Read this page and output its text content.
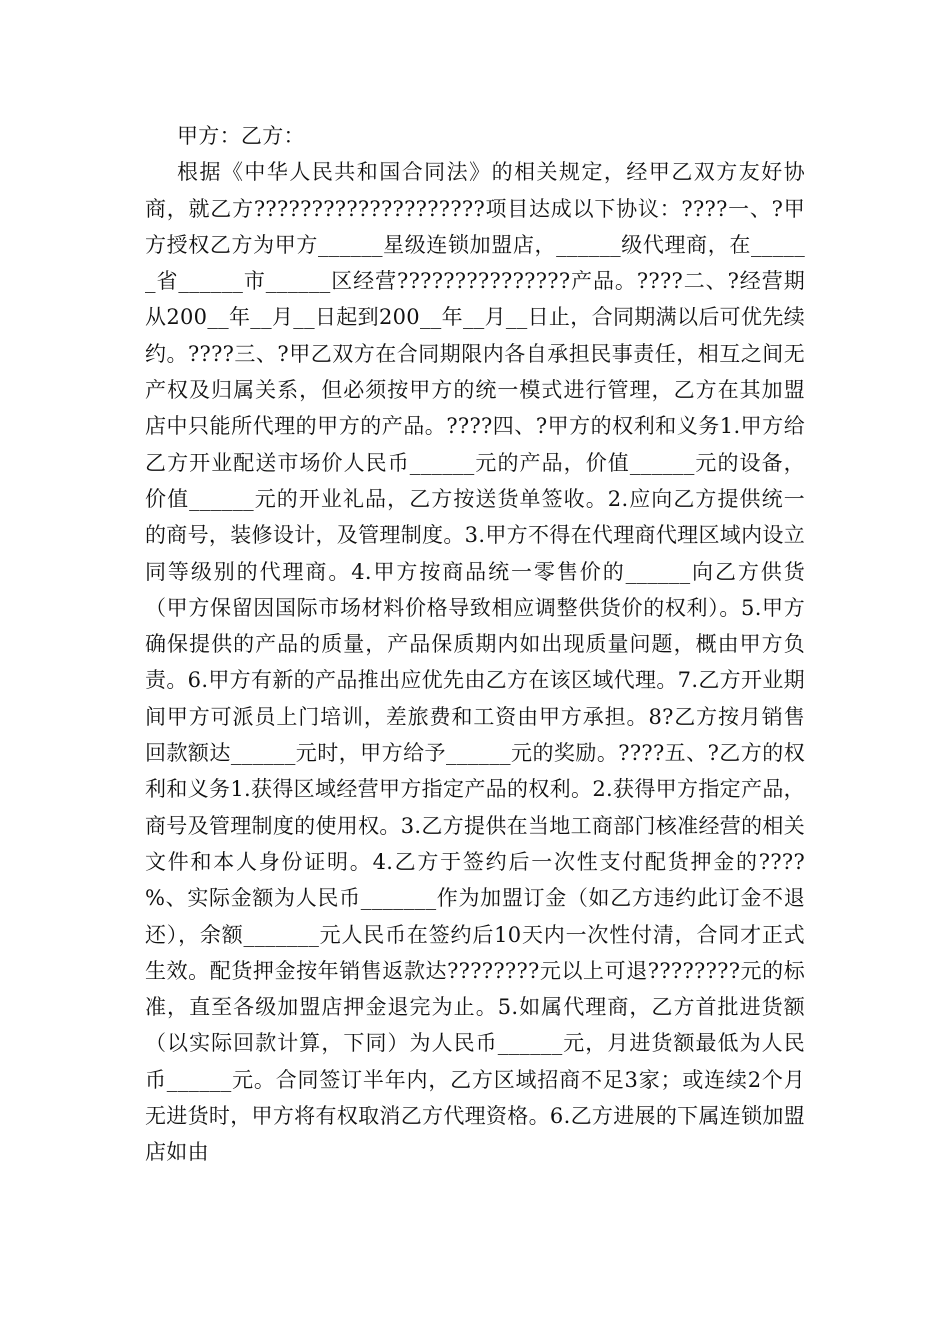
甲方：乙方：

根据《中华人民共和国合同法》的相关规定，经甲乙双方友好协商，就乙方????????????????????项目达成以下协议：????一、?甲方授权乙方为甲方______星级连锁加盟店，______级代理商，在______省______市______区经营???????????????产品。????二、?经营期从200__年__月__日起到200__年__月__日止，合同期满以后可优先续约。????三、?甲乙双方在合同期限内各自承担民事责任，相互之间无产权及归属关系，但必须按甲方的统一模式进行管理，乙方在其加盟店中只能所代理的甲方的产品。????四、?甲方的权利和义务1.甲方给乙方开业配送市场价人民币______元的产品，价值______元的设备，价值______元的开业礼品，乙方按送货单签收。2.应向乙方提供统一的商号，装修设计，及管理制度。3.甲方不得在代理商代理区域内设立同等级别的代理商。4.甲方按商品统一零售价的______向乙方供货（甲方保留因国际市场材料价格导致相应调整供货价的权利）。5.甲方确保提供的产品的质量，产品保质期内如出现质量问题，概由甲方负责。6.甲方有新的产品推出应优先由乙方在该区域代理。7.乙方开业期间甲方可派员上门培训，差旅费和工资由甲方承担。8?乙方按月销售回款额达______元时，甲方给予______元的奖励。????五、?乙方的权利和义务1.获得区域经营甲方指定产品的权利。2.获得甲方指定产品，商号及管理制度的使用权。3.乙方提供在当地工商部门核准经营的相关文件和本人身份证明。4.乙方于签约后一次性支付配货押金的????%、实际金额为人民币_______作为加盟订金（如乙方违约此订金不退还），余额_______元人民币在签约后10天内一次性付清，合同才正式生效。配货押金按年销售返款达????????元以上可退????????元的标准，直至各级加盟店押金退完为止。5.如属代理商，乙方首批进货额（以实际回款计算，下同）为人民币______元，月进货额最低为人民币______元。合同签订半年内，乙方区域招商不足3家；或连续2个月无进货时，甲方将有权取消乙方代理资格。6.乙方进展的下属连锁加盟店如由
